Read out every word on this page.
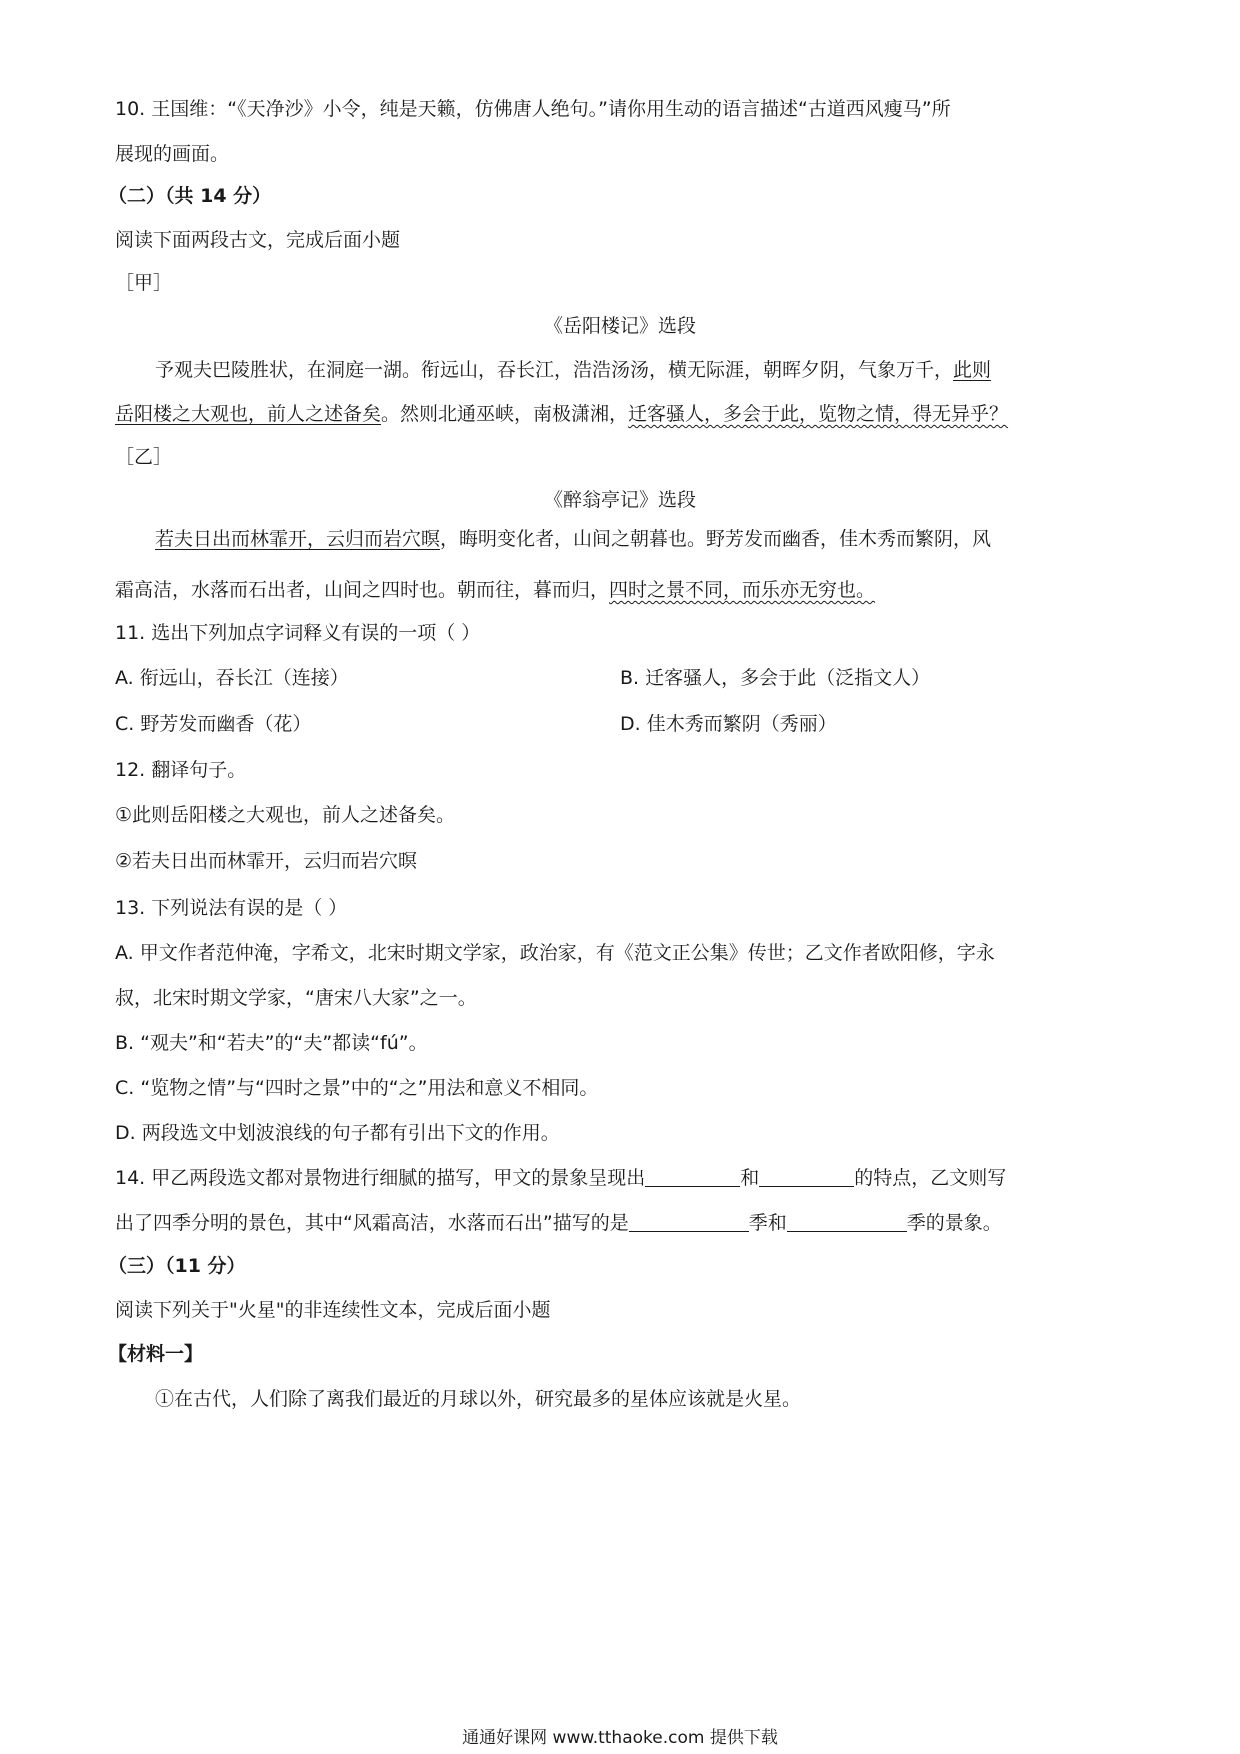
10. 王国维：“《天净沙》小令，纯是天籁，仿佛唐人绝句。”请你用生动的语言描述“古道西风瘦马”所
展现的画面。
（二）（共 14 分）
阅读下面两段古文，完成后面小题
［甲］
《岳阳楼记》选段
予观夫巴陵胜状，在洞庭一湖。衔远山，吞长江，浩浩汤汤，横无际涯，朝晖夕阴，气象万千，此则
岳阳楼之大观也，前人之述备矣。然则北通巫峡，南极潇湘，迁客骚人，多会于此，览物之情，得无异乎？
［乙］
《醉翁亭记》选段
若夫日出而林霏开，云归而岩穴暝，晦明变化者，山间之朝暮也。野芳发而幽香，佳木秀而繁阴，风
霜高洁，水落而石出者，山间之四时也。朝而往，暮而归，四时之景不同，而乐亦无穷也。
11. 选出下列加点字词释义有误的一项（ ）
A. 衔远山，吞长江（连接）	B. 迁客骚人，多会于此（泛指文人）
C. 野芳发而幽香（花）	D. 佳木秀而繁阴（秀丽）
12. 翻译句子。
①此则岳阳楼之大观也，前人之述备矣。
②若夫日出而林霏开，云归而岩穴暝
13. 下列说法有误的是（ ）
A. 甲文作者范仲淹，字希文，北宋时期文学家，政治家，有《范文正公集》传世；乙文作者欧阳修，字永
叔，北宋时期文学家，“唐宋八大家”之一。
B. “观夫”和“若夫”的“夫”都读“fú”。
C. “览物之情”与“四时之景”中的“之”用法和意义不相同。
D. 两段选文中划波浪线的句子都有引出下文的作用。
14. 甲乙两段选文都对景物进行细腻的描写，甲文的景象呈现出	和	的特点，乙文则写
出了四季分明的景色，其中“风霜高洁，水落而石出”描写的是	季和	季的景象。
（三）（11 分）
阅读下列关于"火星"的非连续性文本，完成后面小题
【材料一】
①在古代，人们除了离我们最近的月球以外，研究最多的星体应该就是火星。
通通好课网 www.tthaoke.com 提供下载
